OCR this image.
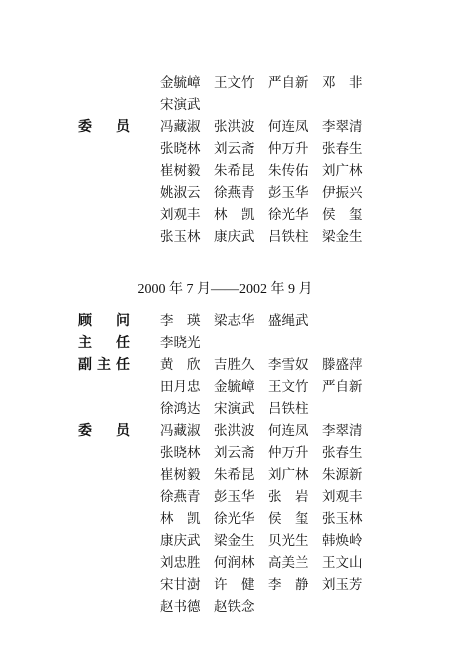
金毓嶂 王文竹 严自新 邓　非
宋演武
委 员 冯藏淑 张洪波 何连凤 李翠清
张晓林 刘云斋 仲万升 张春生
崔树毅 朱希昆 朱传佑 刘广林
姚淑云 徐燕青 彭玉华 伊振兴
刘观丰 林　凯 徐光华 侯　玺
张玉林 康庆武 吕铁柱 梁金生
2000 年 7 月——2002 年 9 月
顾 问 李　瑛 梁志华 盛绳武
主 任 李晓光
副 主 任 黄　欣 吉胜久 李雪奴 滕盛萍
田月忠 金毓嶂 王文竹 严自新
徐鸿达 宋演武 吕铁柱
委 员 冯藏淑 张洪波 何连凤 李翠清
张晓林 刘云斋 仲万升 张春生
崔树毅 朱希昆 刘广林 朱源新
徐燕青 彭玉华 张　岩 刘观丰
林　凯 徐光华 侯　玺 张玉林
康庆武 梁金生 贝光生 韩焕岭
刘忠胜 何润林 高美兰 王文山
宋甘澍 许　健 李　静 刘玉芳
赵书德 赵铁念
